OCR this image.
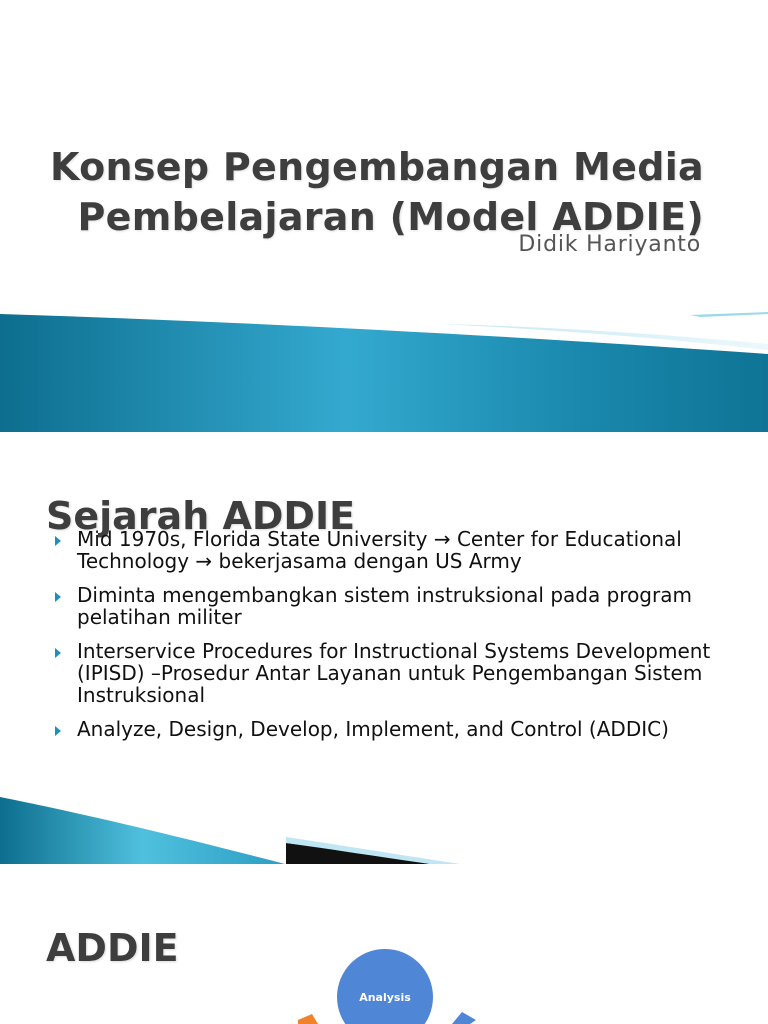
Konsep Pengembangan Media Pembelajaran (Model ADDIE)
Didik Hariyanto
Sejarah ADDIE
Mid 1970s, Florida State University → Center for Educational Technology → bekerjasama dengan US Army
Diminta mengembangkan sistem instruksional pada program pelatihan militer
Interservice Procedures for Instructional Systems Development (IPISD) –Prosedur Antar Layanan untuk Pengembangan Sistem Instruksional
Analyze, Design, Develop, Implement, and Control (ADDIC)
ADDIE
Analysis
